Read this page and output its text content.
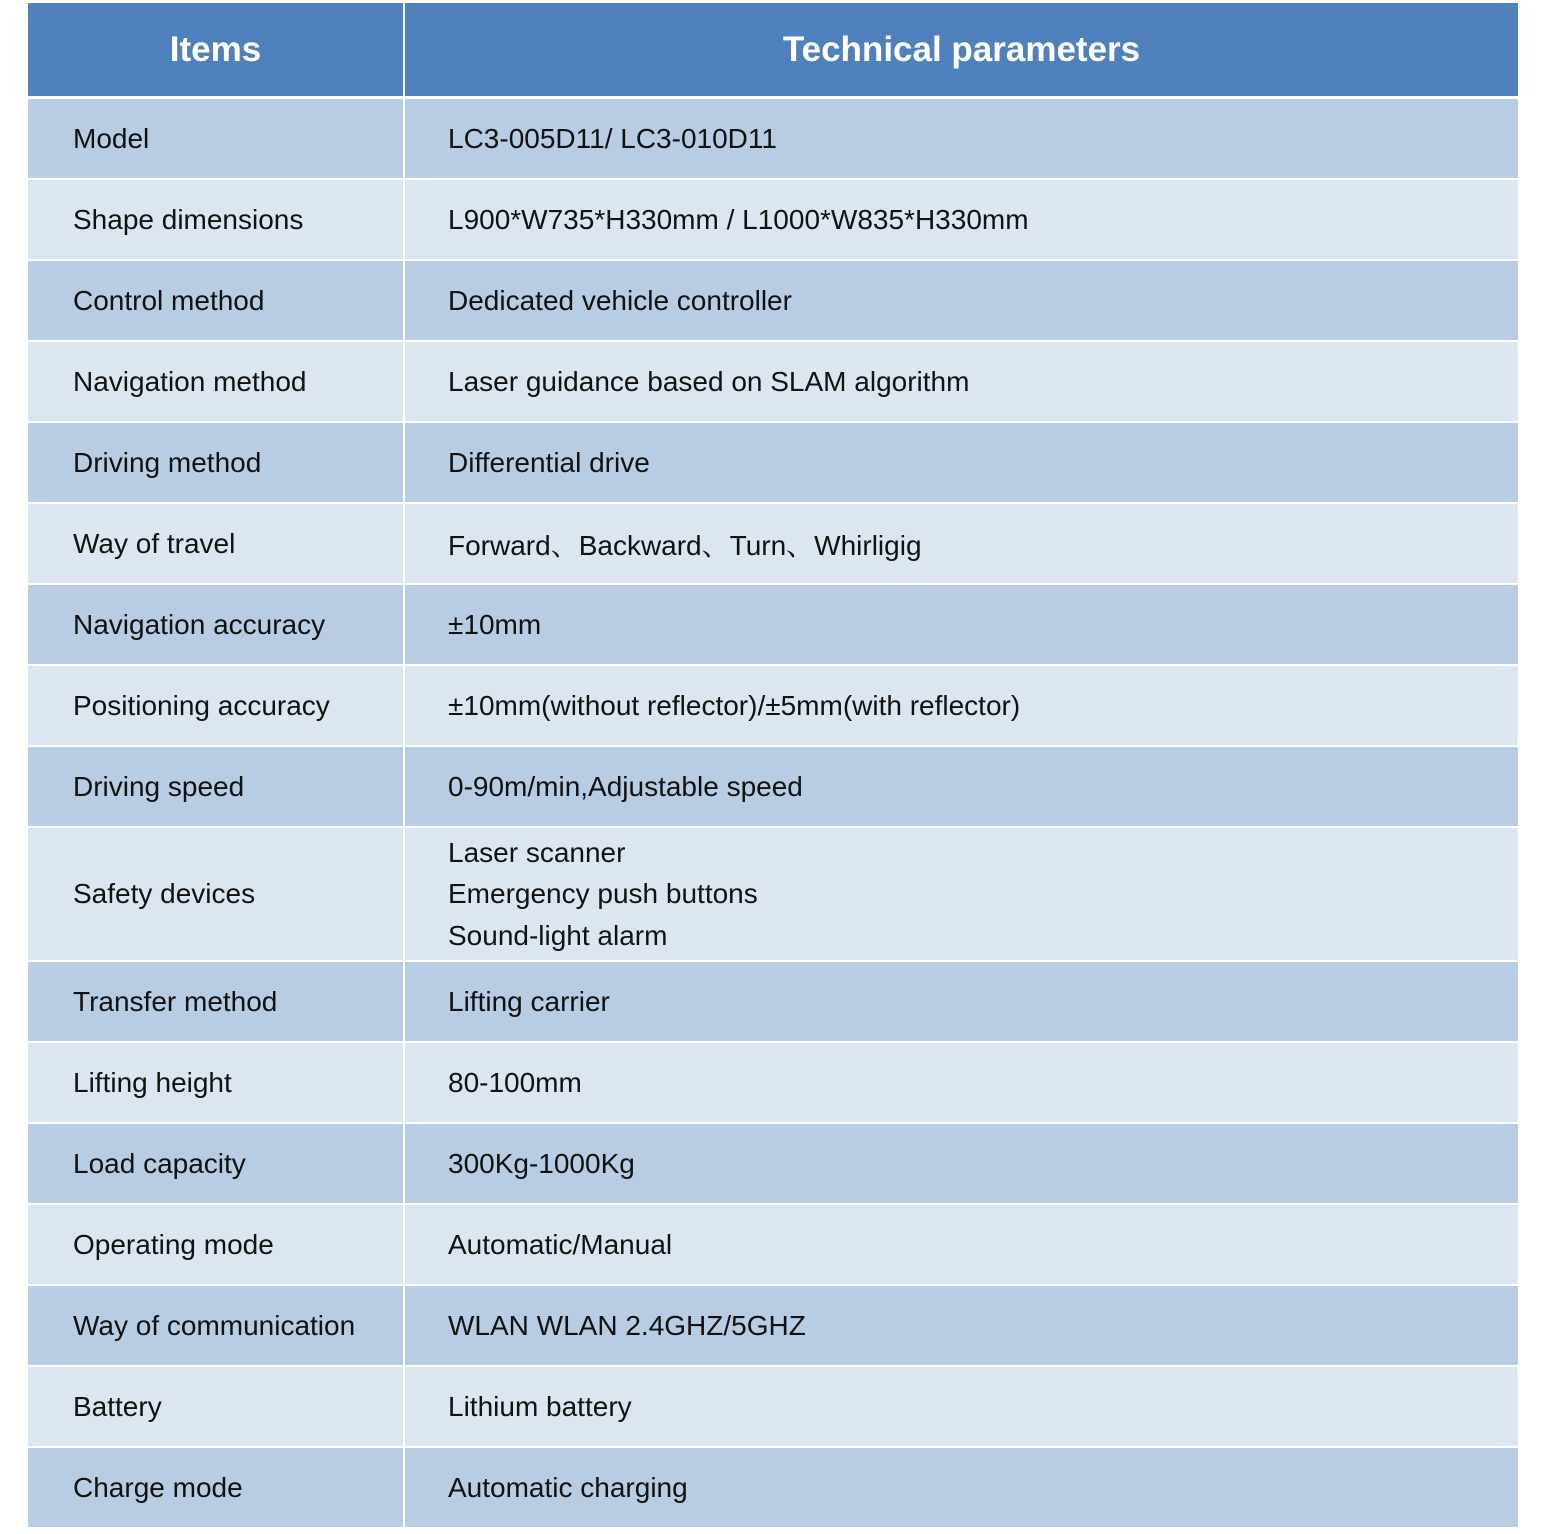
Items	Technical parameters
Model	LC3-005D11/ LC3-010D11
Shape dimensions	L900*W735*H330mm / L1000*W835*H330mm
Control method	Dedicated vehicle controller
Navigation method	Laser guidance based on SLAM algorithm
Driving method	Differential drive
Way of travel	Forward、Backward、Turn、Whirligig
Navigation accuracy	±10mm
Positioning accuracy	±10mm(without reflector)/±5mm(with reflector)
Driving speed	0-90m/min,Adjustable speed
Safety devices	Laser scanner
Emergency push buttons
Sound-light alarm

Transfer method	Lifting carrier
Lifting height	80-100mm
Load capacity	300Kg-1000Kg
Operating mode	Automatic/Manual
Way of communication	WLAN WLAN 2.4GHZ/5GHZ
Battery	Lithium battery
Charge mode	Automatic charging
